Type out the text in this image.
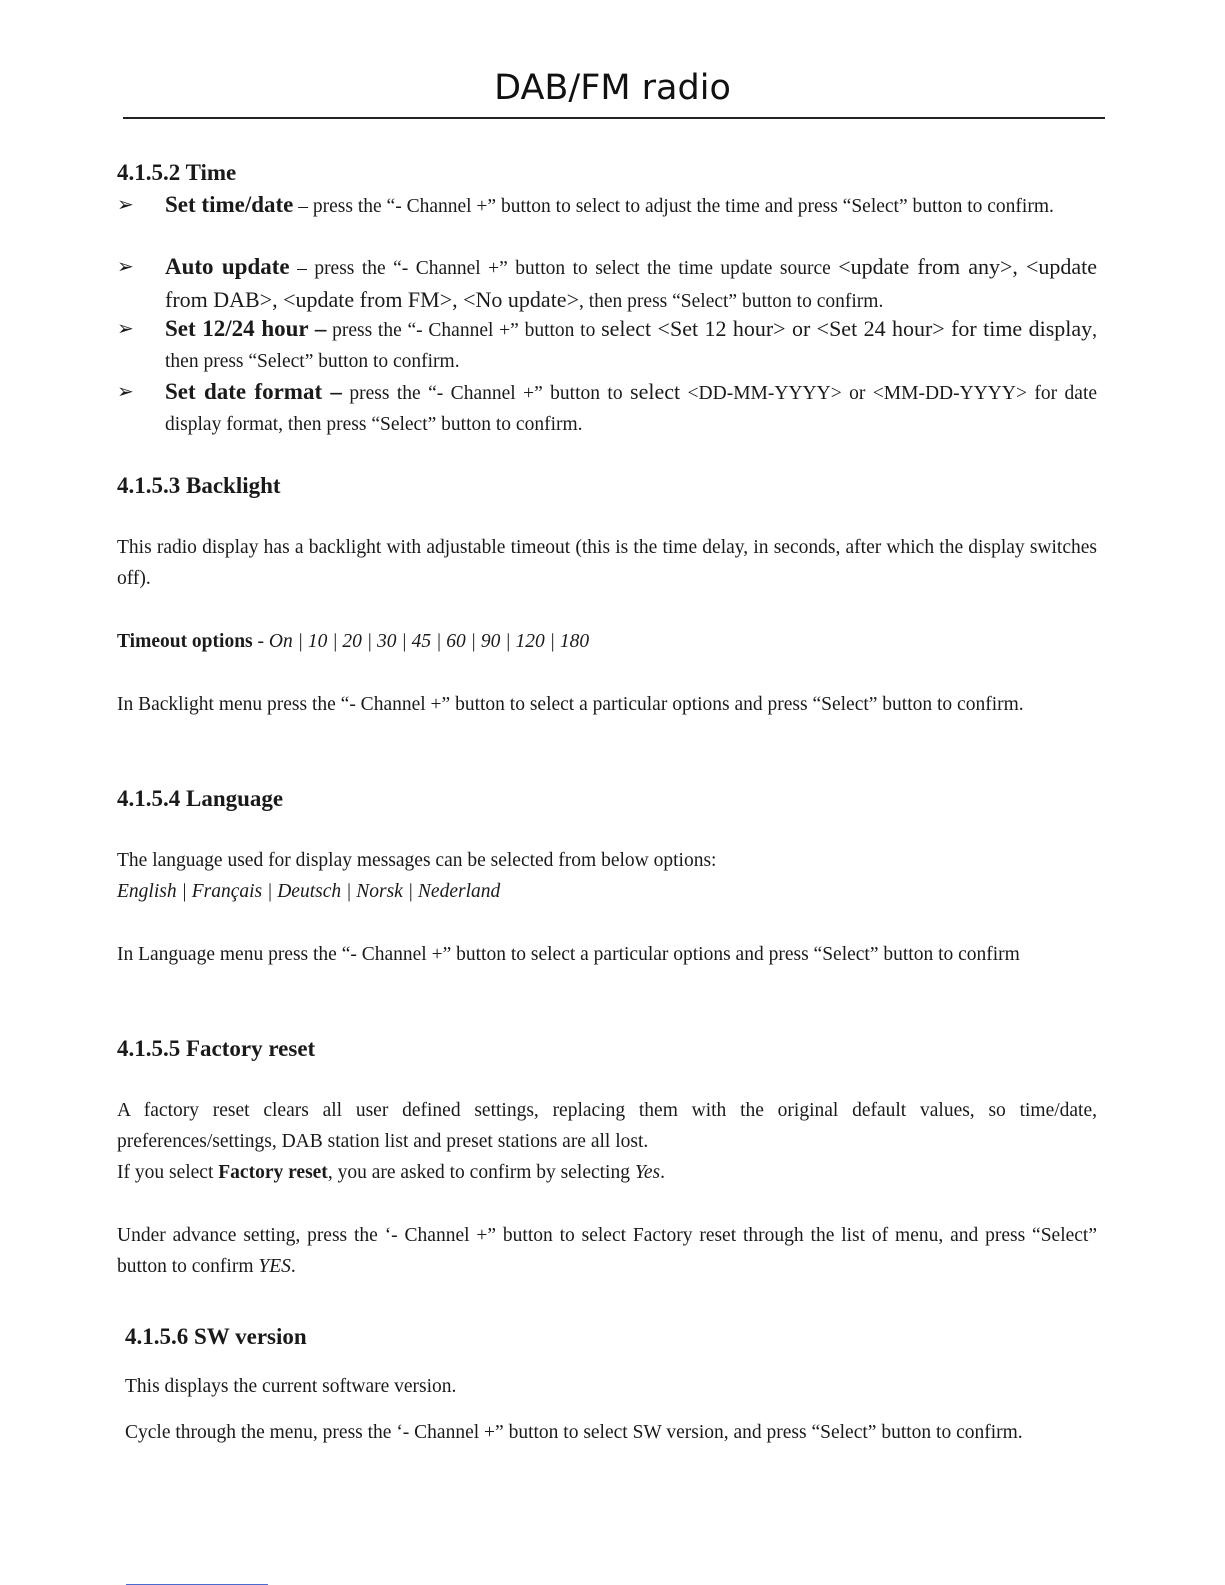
DAB/FM radio
4.1.5.2 Time
➢ Set time/date – press the “- Channel +” button to select to adjust the time and press “Select” button to confirm.
➢ Auto update – press the “- Channel +” button to select the time update source <update from any>, <update from DAB>, <update from FM>, <No update>, then press “Select” button to confirm.
➢ Set 12/24 hour – press the “- Channel +” button to select <Set 12 hour> or <Set 24 hour> for time display, then press “Select” button to confirm.
➢ Set date format – press the “- Channel +” button to select <DD-MM-YYYY> or <MM-DD-YYYY> for date display format, then press “Select” button to confirm.
4.1.5.3 Backlight

This radio display has a backlight with adjustable timeout (this is the time delay, in seconds, after which the display switches off).

Timeout options - On | 10 | 20 | 30 | 45 | 60 | 90 | 120 | 180

In Backlight menu press the “- Channel +” button to select a particular options and press “Select” button to confirm.

4.1.5.4 Language

The language used for display messages can be selected from below options:

English | Français | Deutsch | Norsk | Nederland

In Language menu press the “- Channel +” button to select a particular options and press “Select” button to confirm

4.1.5.5 Factory reset

A factory reset clears all user defined settings, replacing them with the original default values, so time/date, preferences/settings, DAB station list and preset stations are all lost.

If you select Factory reset, you are asked to confirm by selecting Yes.

Under advance setting, press the ‘- Channel +” button to select Factory reset through the list of menu, and press “Select” button to confirm YES.

4.1.5.6 SW version

This displays the current software version.

Cycle through the menu, press the ‘- Channel +” button to select SW version, and press “Select” button to confirm.
